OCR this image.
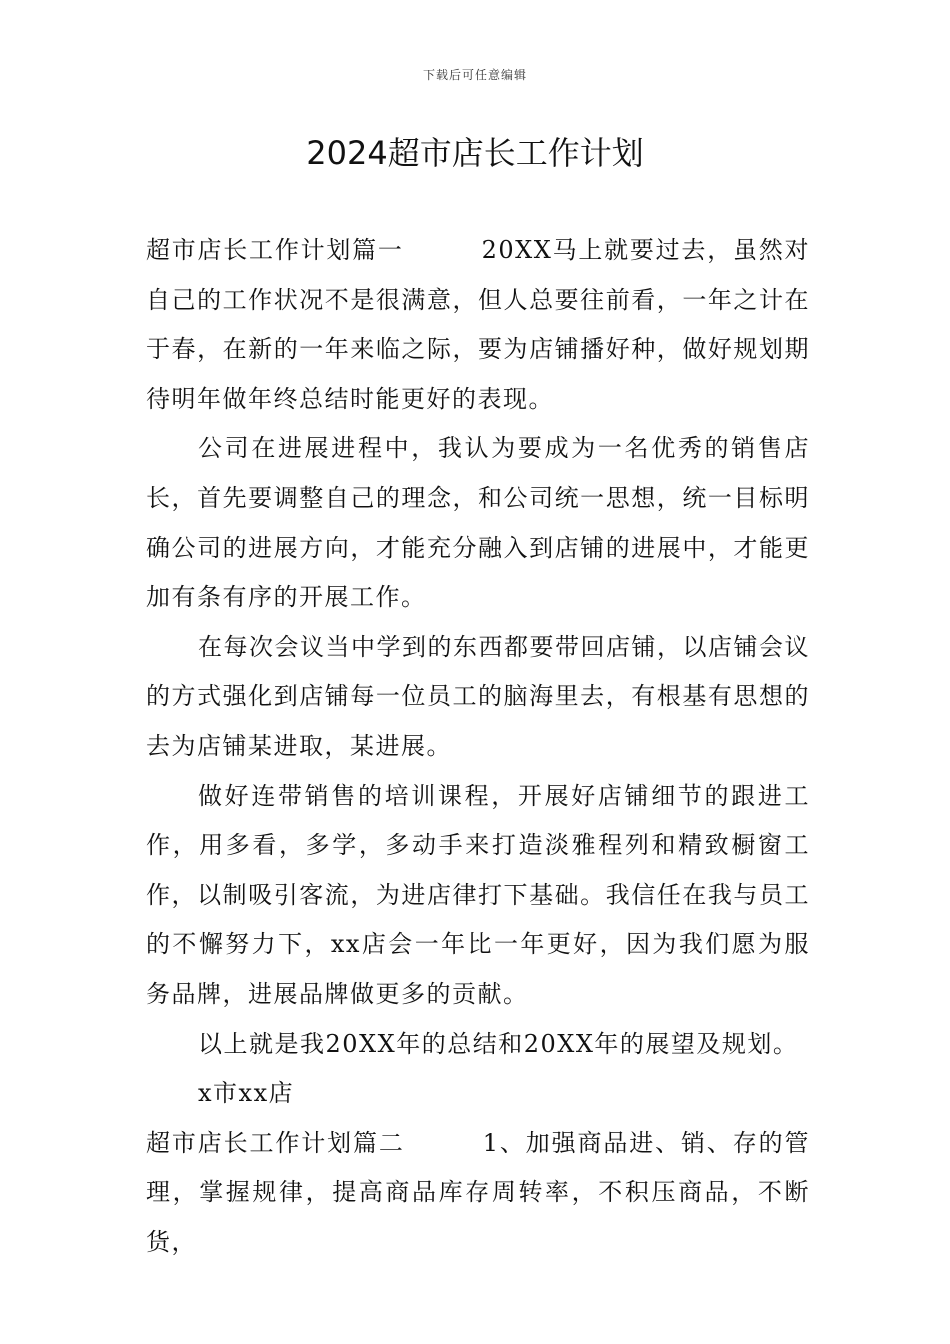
下载后可任意编辑
2024超市店长工作计划

超市店长工作计划篇一	20XX马上就要过去，虽然对自己的工作状况不是很满意，但人总要往前看，一年之计在于春，在新的一年来临之际，要为店铺播好种，做好规划期待明年做年终总结时能更好的表现。

公司在进展进程中，我认为要成为一名优秀的销售店长，首先要调整自己的理念，和公司统一思想，统一目标明确公司的进展方向，才能充分融入到店铺的进展中，才能更加有条有序的开展工作。

在每次会议当中学到的东西都要带回店铺，以店铺会议的方式强化到店铺每一位员工的脑海里去，有根基有思想的去为店铺某进取，某进展。

做好连带销售的培训课程，开展好店铺细节的跟进工作，用多看，多学，多动手来打造淡雅程列和精致橱窗工作，以制吸引客流，为进店律打下基础。我信任在我与员工的不懈努力下，xx店会一年比一年更好，因为我们愿为服务品牌，进展品牌做更多的贡献。

以上就是我20XX年的总结和20XX年的展望及规划。

x市xx店

超市店长工作计划篇二	1、加强商品进、销、存的管理，掌握规律，提高商品库存周转率，不积压商品，不断货，
